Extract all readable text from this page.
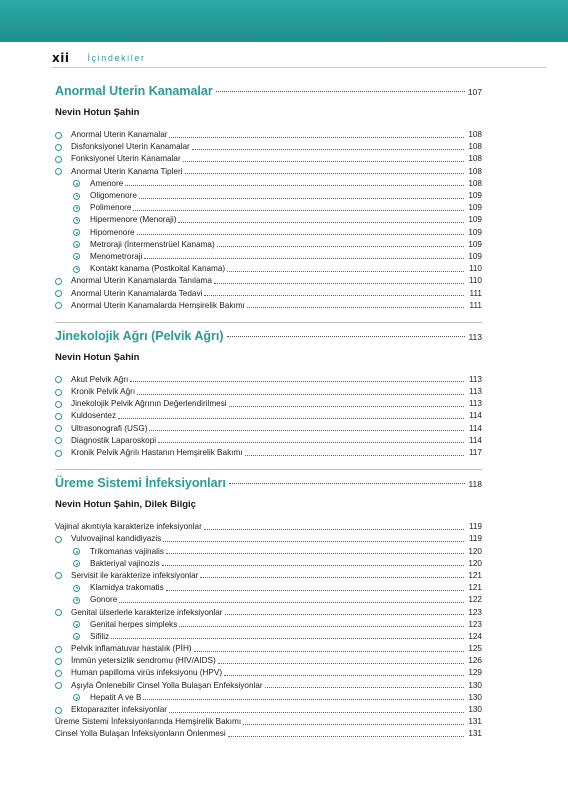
xii İçindekiler
Anormal Uterin Kanamalar	107
Nevin Hotun Şahin
Anormal Uterin Kanamalar	108
Disfonksiyonel Uterin Kanamalar	108
Fonksiyonel Uterin Kanamalar	108
Anormal Uterin Kanama Tipleri	108
Amenore	108
Oligomenore	109
Polimenore	109
Hipermenore (Menoraji)	109
Hipomenore	109
Metroraji (İntermenstrüel Kanama)	109
Menometroraji	109
Kontakt kanama (Postkoital Kanama)	110
Anormal Uterin Kanamalarda Tanılama	110
Anormal Uterin Kanamalarda Tedavi	111
Anormal Uterin Kanamalarda Hemşirelik Bakımı	111
Jinekolojik Ağrı (Pelvik Ağrı)	113
Nevin Hotun Şahin
Akut Pelvik Ağrı	113
Kronik Pelvik Ağrı	113
Jinekolojik Pelvik Ağrının Değerlendirilmesi	113
Kuldosentez	114
Ultrasonografi (USG)	114
Diagnostik Laparoskopi	114
Kronik Pelvik Ağrılı Hastanın Hemşirelik Bakımı	117
Üreme Sistemi İnfeksiyonları	118
Nevin Hotun Şahin, Dilek Bilgiç
Vajinal akıntıyla karakterize infeksiyonlar	119
Vulvovajinal kandidiyazis	119
Trikomanas vajinalis	120
Bakteriyal vajinozis	120
Servisit ile karakterize infeksiyonlar	121
Klamidya trakomatis	121
Gonore	122
Genital ülserlerle karakterize infeksiyonlar	123
Genital herpes simpleks	123
Sifiliz	124
Pelvik inflamatuvar hastalık (PİH)	125
İmmün yetersizlik sendromu (HIV/AIDS)	126
Human papilloma virüs infeksiyonu (HPV)	129
Aşıyla Önlenebilir Cinsel Yolla Bulaşan Enfeksiyonlar	130
Hepatit A ve B	130
Ektoparaziter infeksiyonlar	130
Üreme Sistemi İnfeksiyonlarında Hemşirelik Bakımı	131
Cinsel Yolla Bulaşan İnfeksiyonların Önlenmesi	131
